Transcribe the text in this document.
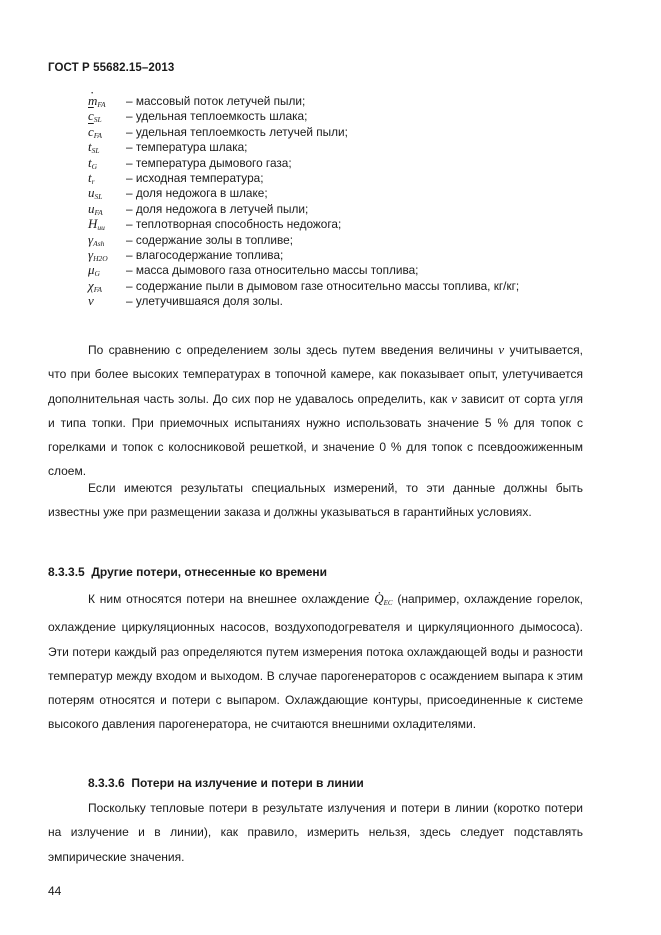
ГОСТ Р 55682.15–2013
· $m_{FA}$	– массовый поток летучей пыли;
$\overline{c}_{SL}$	– удельная теплоемкость шлака;
$\overline{c}_{FA}$	– удельная теплоемкость летучей пыли;
$t_{SL}$	– температура шлака;
$t_G$	– температура дымового газа;
$t_r$	– исходная температура;
$u_{SL}$	– доля недожога в шлаке;
$u_{FA}$	– доля недожога в летучей пыли;
$H_{uu}$	– теплотворная способность недожога;
$\gamma_{Ash}$	– содержание золы в топливе;
$\gamma_{H2O}$	– влагосодержание топлива;
$\mu_G$	– масса дымового газа относительно массы топлива;
$\chi_{FA}$	– содержание пыли в дымовом газе относительно массы топлива, кг/кг;
ν	– улетучившаяся доля золы.
По сравнению с определением золы здесь путем введения величины ν учитывается, что при более высоких температурах в топочной камере, как показывает опыт, улетучивается дополнительная часть золы. До сих пор не удавалось определить, как ν зависит от сорта угля и типа топки. При приемочных испытаниях нужно использовать значение 5 % для топок с горелками и топок с колосниковой решеткой, и значение 0 % для топок с псевдоожиженным слоем.
Если имеются результаты специальных измерений, то эти данные должны быть известны уже при размещении заказа и должны указываться в гарантийных условиях.
8.3.3.5 Другие потери, отнесенные ко времени
К ним относятся потери на внешнее охлаждение · $Q_{EC}$ (например, охлаждение горелок, охлаждение циркуляционных насосов, воздухоподогревателя и циркуляционного дымососа). Эти потери каждый раз определяются путем измерения потока охлаждающей воды и разности температур между входом и выходом. В случае парогенераторов с осаждением выпара к этим потерям относятся и потери с выпаром. Охлаждающие контуры, присоединенные к системе высокого давления парогенератора, не считаются внешними охладителями.
8.3.3.6 Потери на излучение и потери в линии
Поскольку тепловые потери в результате излучения и потери в линии (коротко потери на излучение и в линии), как правило, измерить нельзя, здесь следует подставлять эмпирические значения.
44
